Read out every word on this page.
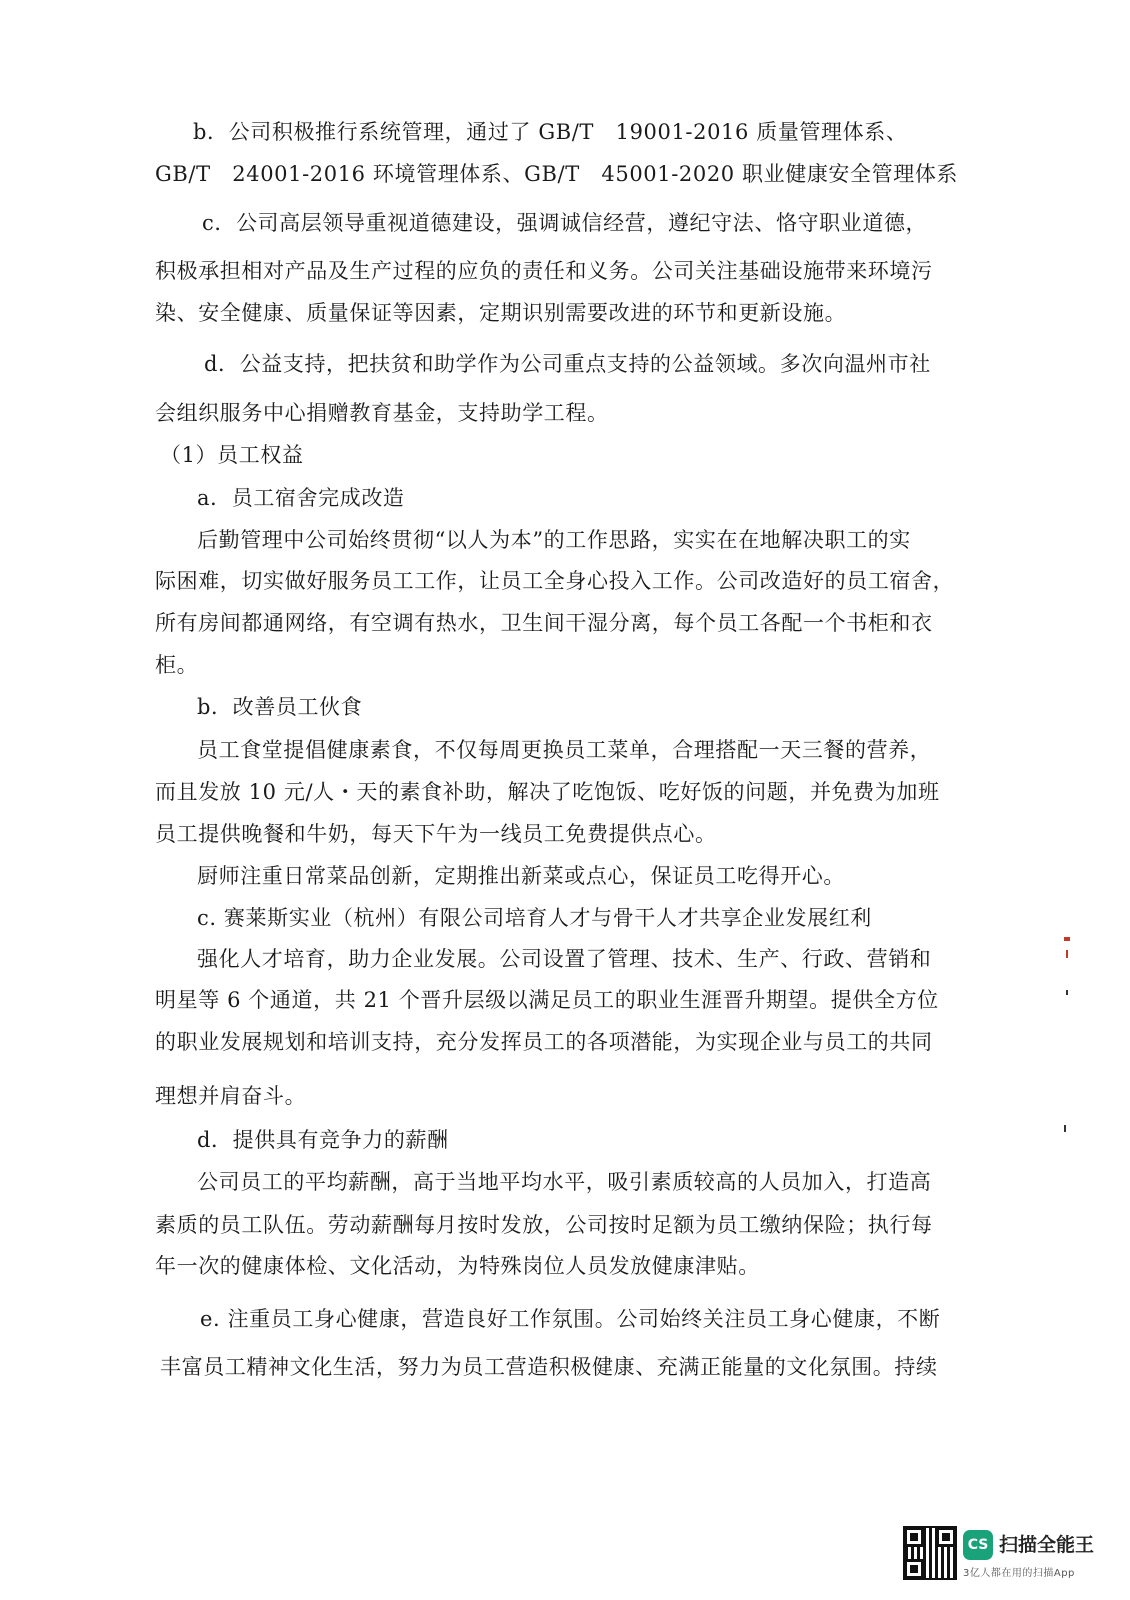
b．公司积极推行系统管理，通过了 GB/T　19001-2016 质量管理体系、
GB/T　24001-2016 环境管理体系、GB/T　45001-2020 职业健康安全管理体系
c．公司高层领导重视道德建设，强调诚信经营，遵纪守法、恪守职业道德，
积极承担相对产品及生产过程的应负的责任和义务。公司关注基础设施带来环境污
染、安全健康、质量保证等因素，定期识别需要改进的环节和更新设施。
d．公益支持，把扶贫和助学作为公司重点支持的公益领域。多次向温州市社
会组织服务中心捐赠教育基金，支持助学工程。
（1）员工权益
a．员工宿舍完成改造
后勤管理中公司始终贯彻“以人为本”的工作思路，实实在在地解决职工的实
际困难，切实做好服务员工工作，让员工全身心投入工作。公司改造好的员工宿舍，
所有房间都通网络，有空调有热水，卫生间干湿分离，每个员工各配一个书柜和衣
柜。
b．改善员工伙食
员工食堂提倡健康素食，不仅每周更换员工菜单，合理搭配一天三餐的营养，
而且发放 10 元/人・天的素食补助，解决了吃饱饭、吃好饭的问题，并免费为加班
员工提供晚餐和牛奶，每天下午为一线员工免费提供点心。
厨师注重日常菜品创新，定期推出新菜或点心，保证员工吃得开心。
c. 赛莱斯实业（杭州）有限公司培育人才与骨干人才共享企业发展红利
强化人才培育，助力企业发展。公司设置了管理、技术、生产、行政、营销和
明星等 6 个通道，共 21 个晋升层级以满足员工的职业生涯晋升期望。提供全方位
的职业发展规划和培训支持，充分发挥员工的各项潜能，为实现企业与员工的共同
理想并肩奋斗。
d．提供具有竞争力的薪酬
公司员工的平均薪酬，高于当地平均水平，吸引素质较高的人员加入，打造高
素质的员工队伍。劳动薪酬每月按时发放，公司按时足额为员工缴纳保险；执行每
年一次的健康体检、文化活动，为特殊岗位人员发放健康津贴。
e. 注重员工身心健康，营造良好工作氛围。公司始终关注员工身心健康，不断
丰富员工精神文化生活，努力为员工营造积极健康、充满正能量的文化氛围。持续
CS 扫描全能王
3亿人都在用的扫描App
